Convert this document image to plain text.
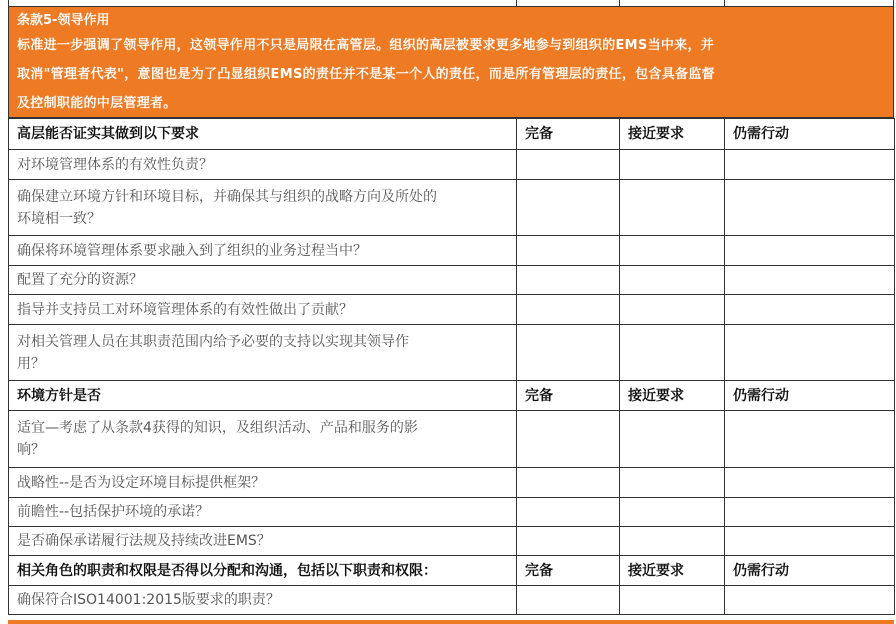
条款5-领导作用
标准进一步强调了领导作用，这领导作用不只是局限在高管层。组织的高层被要求更多地参与到组织的EMS当中来，并
取消"管理者代表"，意图也是为了凸显组织EMS的责任并不是某一个人的责任，而是所有管理层的责任，包含具备监督
及控制职能的中层管理者。
高层能否证实其做到以下要求	完备	接近要求	仍需行动
对环境管理体系的有效性负责？			

确保建立环境方针和环境目标，并确保其与组织的战略方向及所处的
环境相一致？			

确保将环境管理体系要求融入到了组织的业务过程当中？			
配置了充分的资源？			
指导并支持员工对环境管理体系的有效性做出了贡献？			

对相关管理人员在其职责范围内给予必要的支持以实现其领导作
用？			

环境方针是否	完备	接近要求	仍需行动

适宜—考虑了从条款4获得的知识，及组织活动、产品和服务的影
响？			

战略性--是否为设定环境目标提供框架？			
前瞻性--包括保护环境的承诺？			
是否确保承诺履行法规及持续改进EMS？			
相关角色的职责和权限是否得以分配和沟通，包括以下职责和权限：	完备	接近要求	仍需行动
确保符合ISO14001:2015版要求的职责？			
